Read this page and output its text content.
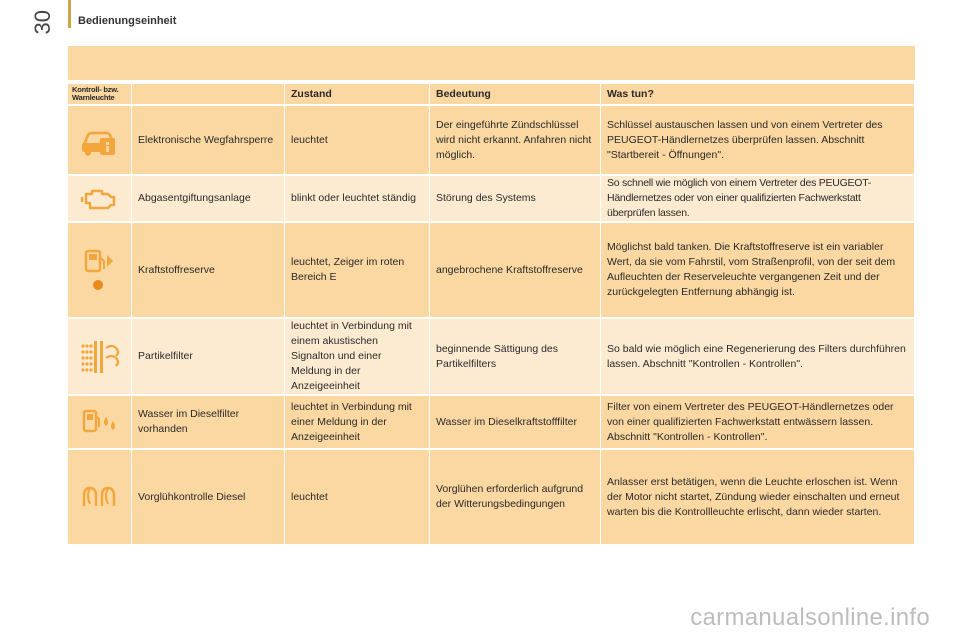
30 Bedienungseinheit
Kontroll- bzw. Warnleuchte		Zustand	Bedeutung	Was tun?

	Elektronische Wegfahrsperre	leuchtet	Der eingeführte Zündschlüssel wird nicht erkannt. Anfahren nicht möglich.	Schlüssel austauschen lassen und von einem Vertreter des PEUGEOT-Händlernetzes überprüfen lassen. Abschnitt "Startbereit - Öffnungen".

	Abgasentgiftungsanlage	blinkt oder leuchtet ständig	Störung des Systems	So schnell wie möglich von einem Vertreter des PEUGEOT-Händlernetzes oder von einer qualifizierten Fachwerkstatt überprüfen lassen.

	Kraftstoffreserve	leuchtet, Zeiger im roten Bereich E	angebrochene Kraftstoffreserve	Möglichst bald tanken. Die Kraftstoffreserve ist ein variabler Wert, da sie vom Fahrstil, vom Straßenprofil, von der seit dem Aufleuchten der Reserveleuchte vergangenen Zeit und der zurückgelegten Entfernung abhängig ist.

	Partikelfilter	leuchtet in Verbindung mit einem akustischen Signalton und einer Meldung in der Anzeigeeinheit	beginnende Sättigung des Partikelfilters	So bald wie möglich eine Regenerierung des Filters durchführen lassen. Abschnitt "Kontrollen - Kontrollen".

	Wasser im Dieselfilter vorhanden	leuchtet in Verbindung mit einer Meldung in der Anzeigeeinheit	Wasser im Dieselkraftstofffilter	Filter von einem Vertreter des PEUGEOT-Händlernetzes oder von einer qualifizierten Fachwerkstatt entwässern lassen. Abschnitt "Kontrollen - Kontrollen".

	Vorglühkontrolle Diesel	leuchtet	Vorglühen erforderlich aufgrund der Witterungsbedingungen	Anlasser erst betätigen, wenn die Leuchte erloschen ist. Wenn der Motor nicht startet, Zündung wieder einschalten und erneut warten bis die Kontrollleuchte erlischt, dann wieder starten.
carmanualsonline.info
